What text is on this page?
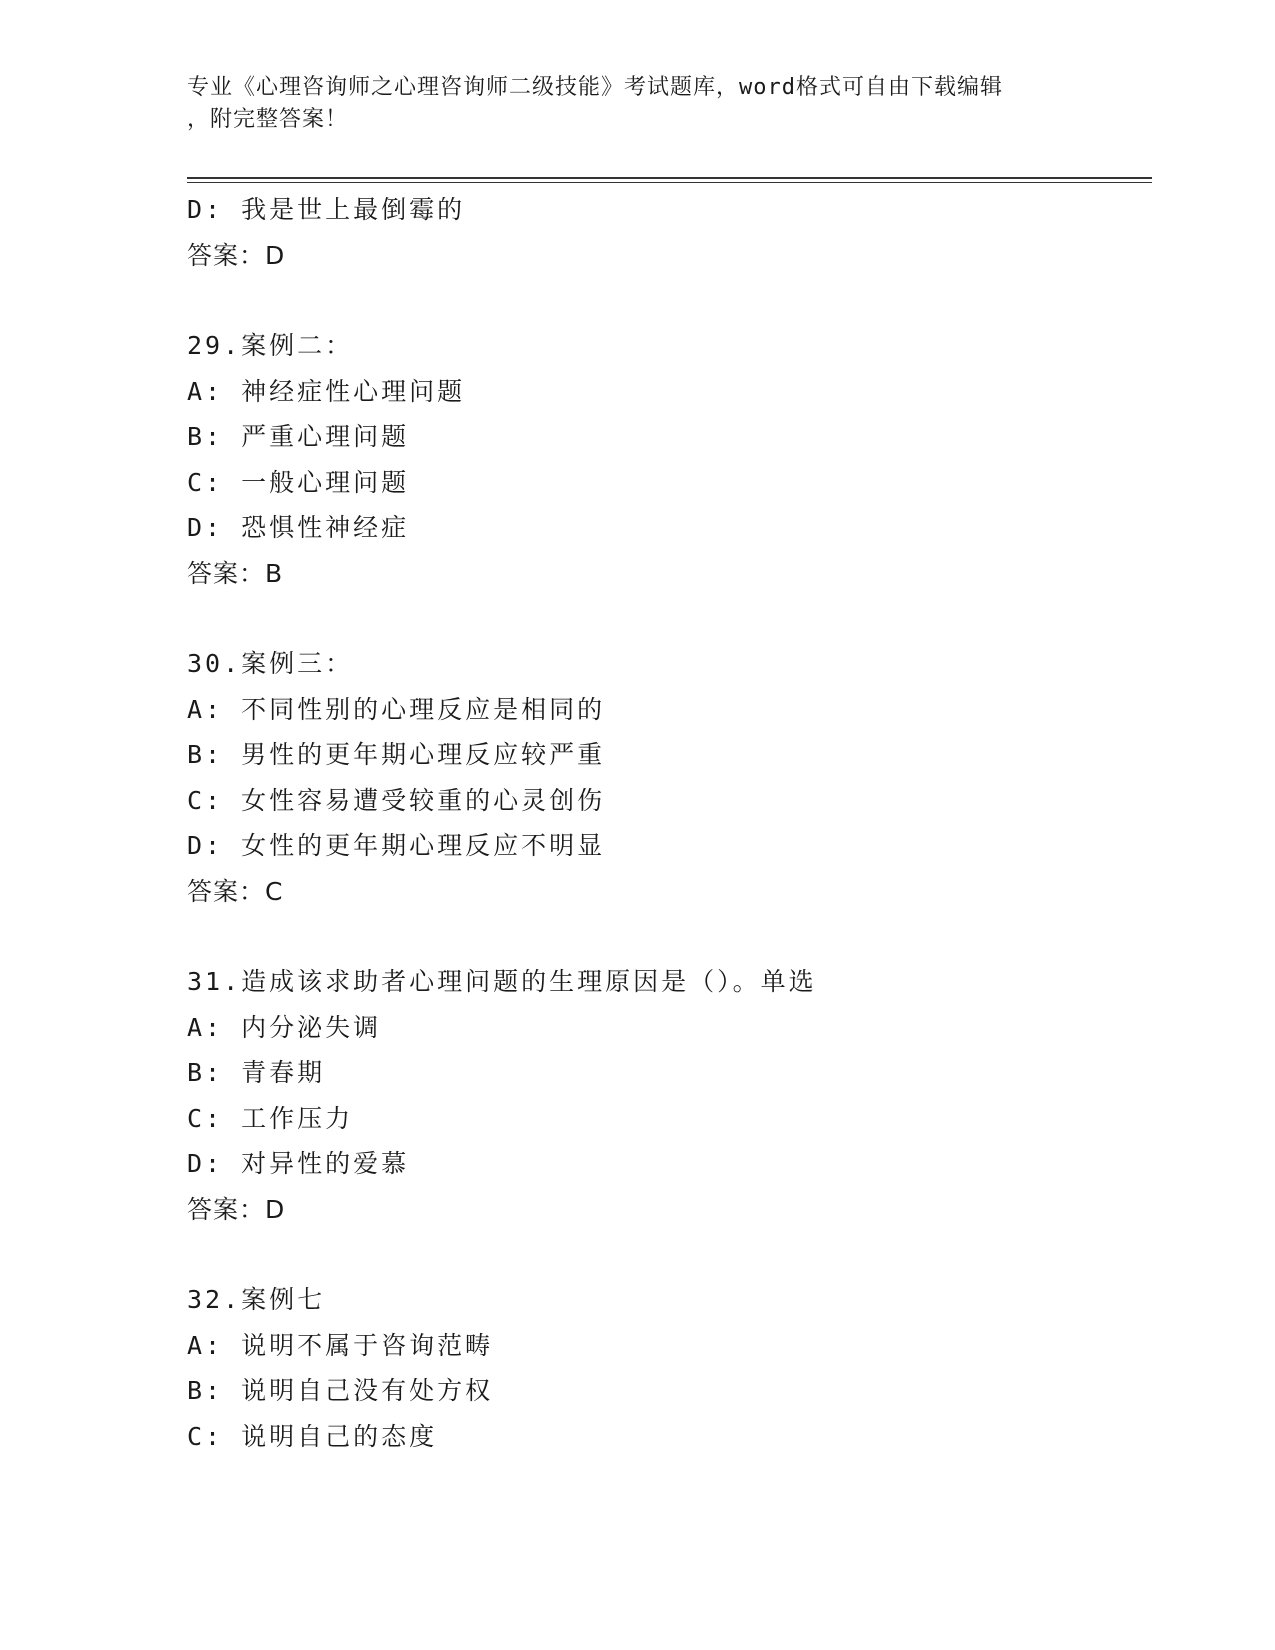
专业《心理咨询师之心理咨询师二级技能》考试题库，word格式可自由下载编辑
，附完整答案！
D: 我是世上最倒霉的
答案：D
29.案例二：
A: 神经症性心理问题
B: 严重心理问题
C: 一般心理问题
D: 恐惧性神经症
答案：B
30.案例三：
A: 不同性别的心理反应是相同的
B: 男性的更年期心理反应较严重
C: 女性容易遭受较重的心灵创伤
D: 女性的更年期心理反应不明显
答案：C
31.造成该求助者心理问题的生理原因是（）。单选
A: 内分泌失调
B: 青春期
C: 工作压力
D: 对异性的爱慕
答案：D
32.案例七
A: 说明不属于咨询范畴
B: 说明自己没有处方权
C: 说明自己的态度
